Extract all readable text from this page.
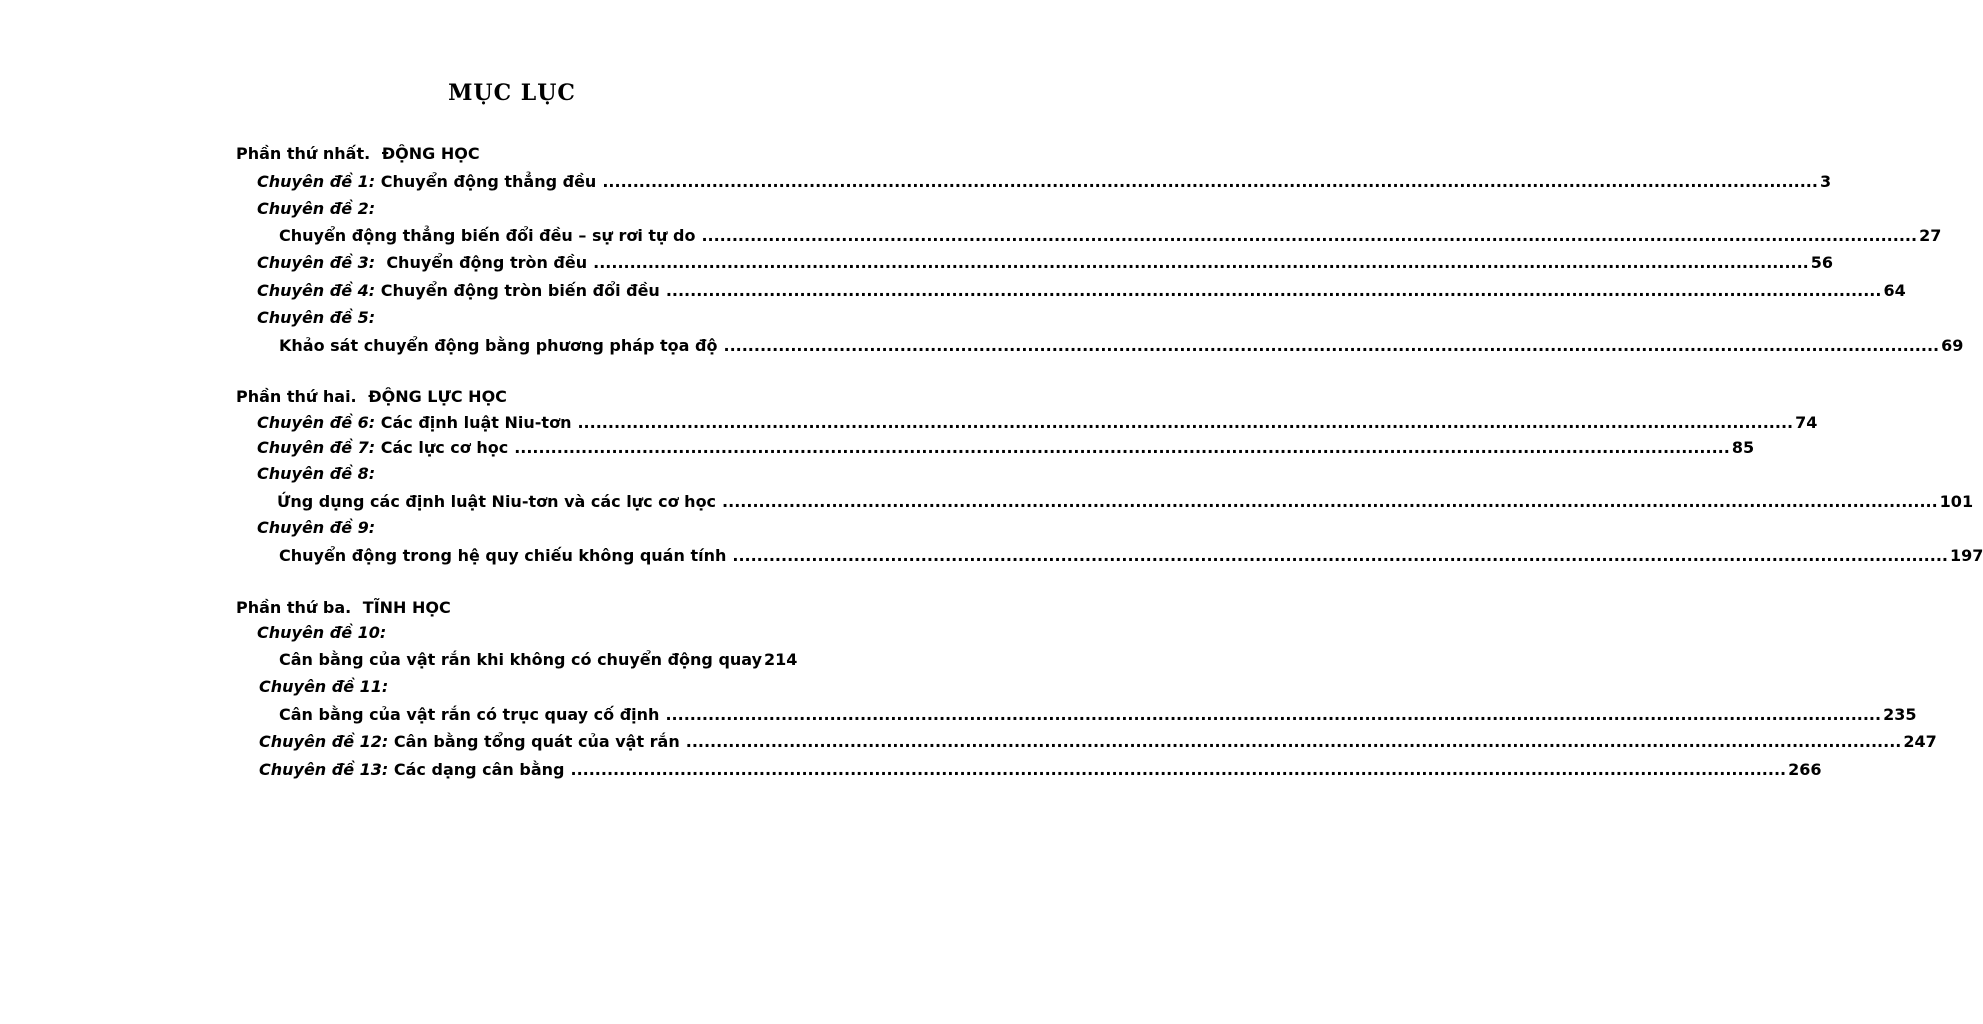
MỤC LỤC
Phần thứ nhất. ĐỘNG HỌC
Chuyên đề 1: Chuyển động thẳng đều ........................................................................................................................................................................................................ 3
Chuyên đề 2:
Chuyển động thẳng biến đổi đều – sự rơi tự do ........................................................................................................................................................................................................ 27
Chuyên đề 3: Chuyển động tròn đều ........................................................................................................................................................................................................ 56
Chuyên đề 4: Chuyển động tròn biến đổi đều ........................................................................................................................................................................................................ 64
Chuyên đề 5:
Khảo sát chuyển động bằng phương pháp tọa độ ........................................................................................................................................................................................................ 69
Phần thứ hai. ĐỘNG LỰC HỌC
Chuyên đề 6: Các định luật Niu-tơn ........................................................................................................................................................................................................ 74
Chuyên đề 7: Các lực cơ học ........................................................................................................................................................................................................ 85
Chuyên đề 8:
Ứng dụng các định luật Niu-tơn và các lực cơ học ........................................................................................................................................................................................................ 101
Chuyên đề 9:
Chuyển động trong hệ quy chiếu không quán tính ........................................................................................................................................................................................................ 197
Phần thứ ba. TĨNH HỌC
Chuyên đề 10:
Cân bằng của vật rắn khi không có chuyển động quay 214
Chuyên đề 11:
Cân bằng của vật rắn có trục quay cố định ........................................................................................................................................................................................................ 235
Chuyên đề 12: Cân bằng tổng quát của vật rắn ........................................................................................................................................................................................................ 247
Chuyên đề 13: Các dạng cân bằng ........................................................................................................................................................................................................ 266
